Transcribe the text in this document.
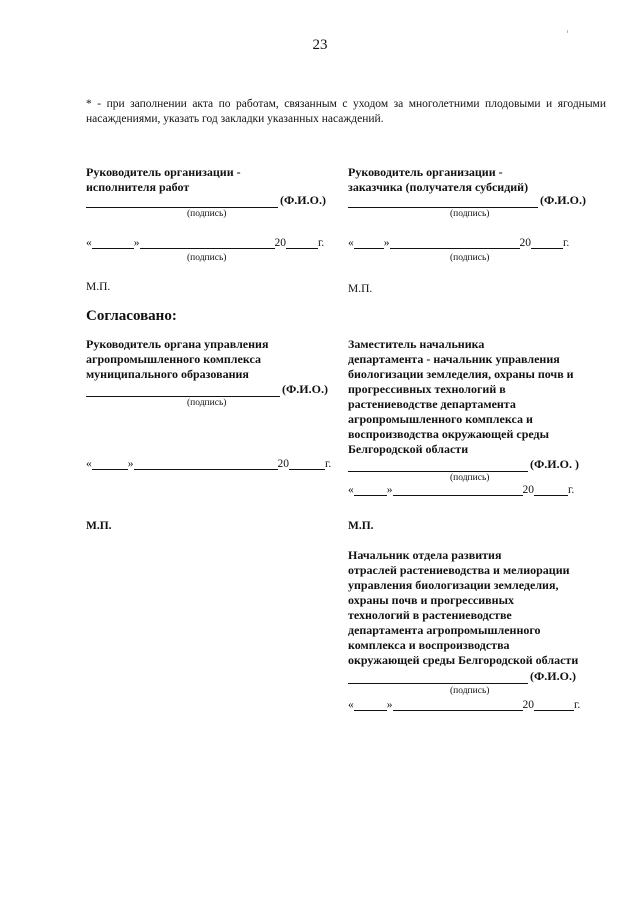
23
* - при заполнении акта по работам, связанным с уходом за многолетними плодовыми и ягодными насаждениями, указать год закладки указанных насаждений.
Руководитель организации -
исполнителя работ
(Ф.И.О.)
(подпись)
«	»	20	г.
(подпись)
М.П.
Руководитель организации -
заказчика (получателя субсидий)
(Ф.И.О.)
(подпись)
«	»	20	г.
(подпись)
М.П.
Согласовано:
Руководитель органа управления
агропромышленного комплекса
муниципального образования
(Ф.И.О.)
(подпись)
«	»	20	г.
М.П.
Заместитель начальника
департамента - начальник управления
биологизации земледелия, охраны почв и
прогрессивных технологий в
растениеводстве департамента
агропромышленного комплекса и
воспроизводства окружающей среды
Белгородской области
(Ф.И.О. )
(подпись)
«	»	20	г.
М.П.
Начальник отдела развития
отраслей растениеводства и мелиорации
управления биологизации земледелия,
охраны почв и прогрессивных
технологий в растениеводстве
департамента агропромышленного
комплекса и воспроизводства
окружающей среды Белгородской области
(Ф.И.О.)
(подпись)
«	»	20	г.
